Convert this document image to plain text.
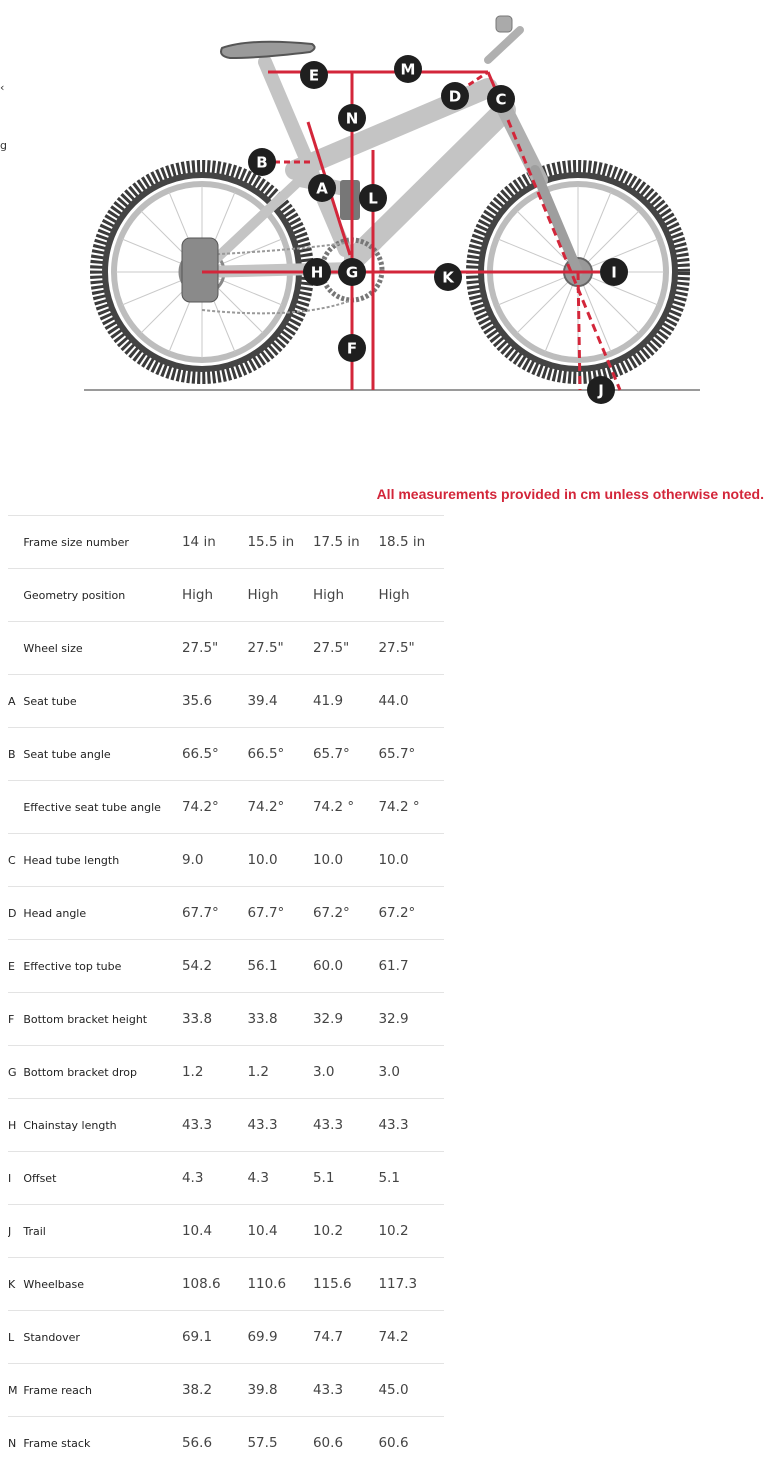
‹
g
A
B
C
D
E
F
G
H	I
J
K
L
M
N
All measurements provided in cm unless otherwise noted.
	Frame size number	14 in	15.5 in	17.5 in	18.5 in
	Geometry position	High	High	High	High
	Wheel size	27.5"	27.5"	27.5"	27.5"
A	Seat tube	35.6	39.4	41.9	44.0
B	Seat tube angle	66.5°	66.5°	65.7°	65.7°
	Effective seat tube angle	74.2°	74.2°	74.2 °	74.2 °
C	Head tube length	9.0	10.0	10.0	10.0
D	Head angle	67.7°	67.7°	67.2°	67.2°
E	Effective top tube	54.2	56.1	60.0	61.7
F	Bottom bracket height	33.8	33.8	32.9	32.9
G	Bottom bracket drop	1.2	1.2	3.0	3.0
H	Chainstay length	43.3	43.3	43.3	43.3
I	Offset	4.3	4.3	5.1	5.1
J	Trail	10.4	10.4	10.2	10.2
K	Wheelbase	108.6	110.6	115.6	117.3
L	Standover	69.1	69.9	74.7	74.2
M	Frame reach	38.2	39.8	43.3	45.0
N	Frame stack	56.6	57.5	60.6	60.6
